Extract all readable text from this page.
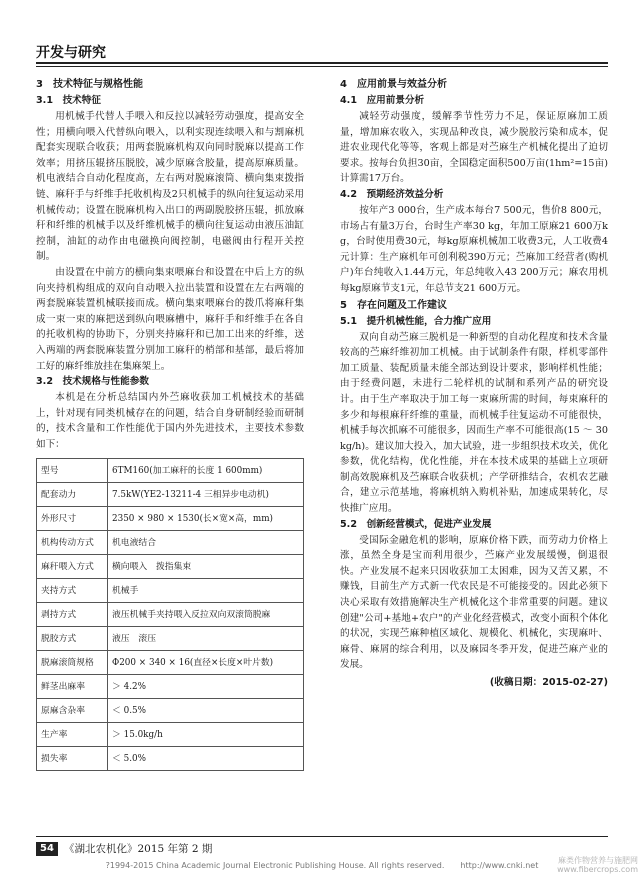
开发与研究
3　技术特征与规格性能
3.1　技术特征

用机械手代替人手喂入和反拉以减轻劳动强度，提高安全性；用横向喂入代替纵向喂入，以利实现连续喂入和与割麻机配套实现联合收获；用两套脱麻机构双向同时脱麻以提高工作效率；用挤压辊挤压脱胶，减少原麻含胶量，提高原麻质量。机电液结合自动化程度高，左右两对脱麻滚筒、横向集束拨指链、麻秆手与纤维手托收机构及2只机械手的纵向往复运动采用机械传动；设置在脱麻机构入出口的两副脱胶挤压辊，抓放麻秆和纤维的机械手以及纤维机械手的横向往复运动由液压油缸控制，油缸的动作由电磁换向阀控制，电磁阀由行程开关控制。

由设置在中前方的横向集束喂麻台和设置在中后上方的纵向夹持机构组成的双向自动喂入拉出装置和设置在左右两端的两套脱麻装置机械联接而成。横向集束喂麻台的拨爪将麻秆集成一束一束的麻把送到纵向喂麻槽中，麻秆手和纤维手在各自的托收机构的协助下，分别夹持麻秆和已加工出来的纤维，送入两端的两套脱麻装置分别加工麻秆的梢部和基部，最后将加工好的麻纤维放挂在集麻架上。

3.2　技术规格与性能参数

本机是在分析总结国内外苎麻收获加工机械技术的基础上，针对现有同类机械存在的问题，结合自身研制经验而研制的，技术含量和工作性能优于国内外先进技术，主要技术参数如下：

型号	6TM160(加工麻秆的长度 1 600mm)
配套动力	7.5kW(YE2-13211-4 三相异步电动机)
外形尺寸	2350 × 980 × 1530(长×宽×高，mm)
机构传动方式	机电液结合
麻秆喂入方式	横向喂入　拨指集束
夹持方式	机械手
剥持方式	液压机械手夹持喂入反拉双向双滚筒脱麻
脱胶方式	液压　滚压
脱麻滚筒规格	Φ200 × 340 × 16(直径×长度×叶片数)
鲜茎出麻率	＞ 4.2%
原麻含杂率	＜ 0.5%
生产率	＞ 15.0kg/h
损失率	＜ 5.0%
4　应用前景与效益分析
4.1　应用前景分析

减轻劳动强度，缓解季节性劳力不足，保证原麻加工质量，增加麻农收入，实现品种改良，减少脱胶污染和成本，促进农业现代化等等，客观上都是对苎麻生产机械化提出了迫切要求。按每台负担30亩，全国稳定面积500万亩(1hm²=15亩)计算需17万台。

4.2　预期经济效益分析

按年产3 000台，生产成本每台7 500元，售价8 800元，市场占有量3万台，台时生产率30 kg，年加工原麻21 600万kg，台时使用费30元，每kg原麻机械加工收费3元，人工收费4元计算：生产麻机年可创利税390万元；苎麻加工经营者(购机户)年台纯收入1.44万元，年总纯收入43 200万元；麻农用机每kg原麻节支1元，年总节支21 600万元。

5　存在问题及工作建议
5.1　提升机械性能，合力推广应用

双向自动苎麻三脱机是一种新型的自动化程度和技术含量较高的苎麻纤维初加工机械。由于试制条件有限，样机零部件加工质量、装配质量未能全部达到设计要求，影响样机性能；由于经费问题，未进行二轮样机的试制和系列产品的研究设计。由于生产率取决于加工每一束麻所需的时间，每束麻秆的多少和每根麻秆纤维的重量，而机械手往复运动不可能很快，机械手每次抓麻不可能很多，因而生产率不可能很高(15 ～ 30kg/h)。建议加大投入，加大试验，进一步组织技术攻关，优化参数，优化结构，优化性能，并在本技术成果的基础上立项研制高效脱麻机及苎麻联合收获机；产学研推结合，农机农艺融合，建立示范基地，将麻机纳入购机补贴，加速成果转化，尽快推广应用。

5.2　创新经营模式，促进产业发展

受国际金融危机的影响，原麻价格下跌，而劳动力价格上涨，虽然全身是宝而利用很少，苎麻产业发展缓慢，倒退很快。产业发展不起来只因收获加工太困难，因为又苦又累，不赚钱，目前生产方式新一代农民是不可能接受的。因此必须下决心采取有效措施解决生产机械化这个非常重要的问题。建议创建"公司+基地+农户"的产业化经营模式，改变小面积个体化的状况，实现苎麻种植区域化、规模化、机械化，实现麻叶、麻骨、麻屑的综合利用，以及麻园冬季开发，促进苎麻产业的发展。

(收稿日期：2015-02-27)
54 《湖北农机化》2015 年第 2 期
?1994-2015 China Academic Journal Electronic Publishing House. All rights reserved.　　http://www.cnki.net
麻类作物营养与施肥网
www.fibercrops.com
